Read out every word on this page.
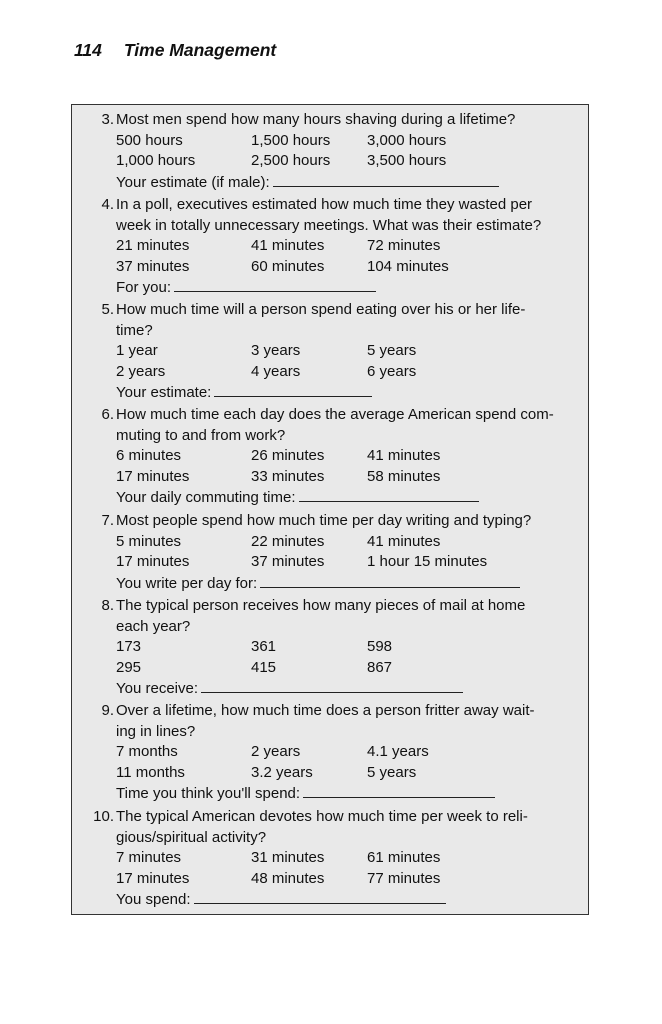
114 Time Management
3. Most men spend how many hours shaving during a lifetime?
500 hours	1,500 hours 3,000 hours
1,000 hours	2,500 hours 3,500 hours
Your estimate (if male):
4. In a poll, executives estimated how much time they wasted per
week in totally unnecessary meetings. What was their estimate?
21 minutes	41 minutes	72 minutes
37 minutes	60 minutes	104 minutes
For you:
5. How much time will a person spend eating over his or her life-
time?
1 year	3 years	5 years
2 years	4 years	6 years
Your estimate:
6. How much time each day does the average American spend com-
muting to and from work?
6 minutes	26 minutes	41 minutes
17 minutes	33 minutes	58 minutes
Your daily commuting time:
7. Most people spend how much time per day writing and typing?
5 minutes	22 minutes	41 minutes
17 minutes	37 minutes	1 hour 15 minutes
You write per day for:
8. The typical person receives how many pieces of mail at home
each year?
173	361	598
295	415	867
You receive:
9. Over a lifetime, how much time does a person fritter away wait-
ing in lines?
7 months	2 years	4.1 years
11 months	3.2 years	5 years
Time you think you'll spend:
10. The typical American devotes how much time per week to reli-
gious/spiritual activity?
7 minutes	31 minutes	61 minutes
17 minutes	48 minutes	77 minutes
You spend:
